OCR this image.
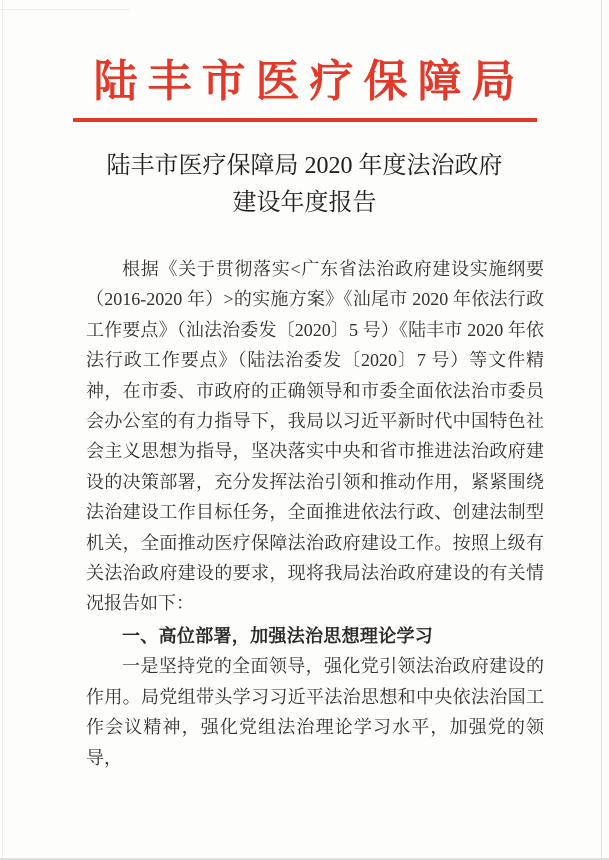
陆丰市医疗保障局
陆丰市医疗保障局 2020 年度法治政府
建设年度报告

根据《关于贯彻落实<广东省法治政府建设实施纲要（2016-2020 年）>的实施方案》《汕尾市 2020 年依法行政工作要点》（汕法治委发〔2020〕5 号）《陆丰市 2020 年依法行政工作要点》（陆法治委发〔2020〕7 号）等文件精神，在市委、市政府的正确领导和市委全面依法治市委员会办公室的有力指导下，我局以习近平新时代中国特色社会主义思想为指导，坚决落实中央和省市推进法治政府建设的决策部署，充分发挥法治引领和推动作用，紧紧围绕法治建设工作目标任务，全面推进依法行政、创建法制型机关，全面推动医疗保障法治政府建设工作。按照上级有关法治政府建设的要求，现将我局法治政府建设的有关情况报告如下：

一、高位部署，加强法治思想理论学习

一是坚持党的全面领导，强化党引领法治政府建设的作用。局党组带头学习习近平法治思想和中央依法治国工作会议精神，强化党组法治理论学习水平，加强党的领导，
